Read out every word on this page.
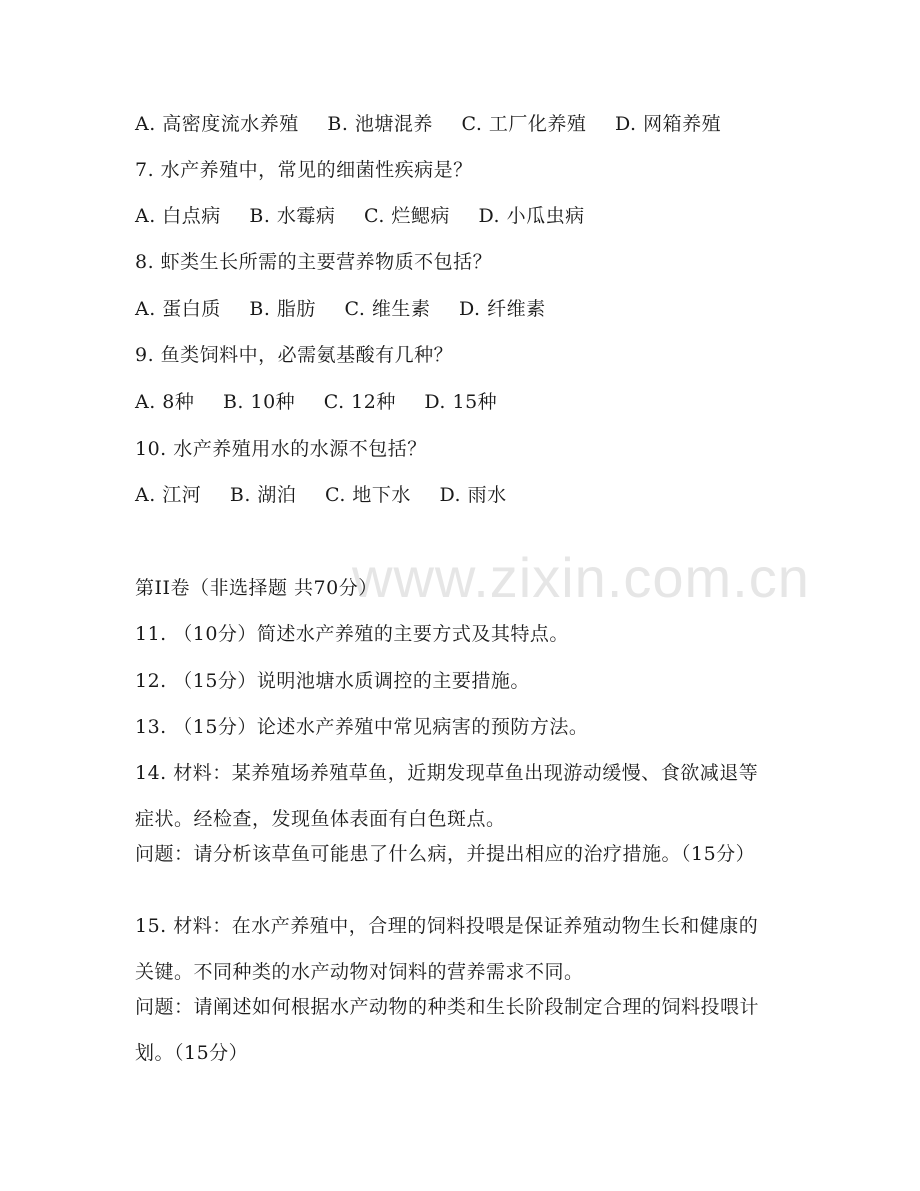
www.zixin.com.cn
A. 高密度流水养殖 B. 池塘混养 C. 工厂化养殖 D. 网箱养殖
7. 水产养殖中，常见的细菌性疾病是？
A. 白点病 B. 水霉病 C. 烂鳃病 D. 小瓜虫病
8. 虾类生长所需的主要营养物质不包括？
A. 蛋白质 B. 脂肪 C. 维生素 D. 纤维素
9. 鱼类饲料中，必需氨基酸有几种？
A. 8种 B. 10种 C. 12种 D. 15种
10. 水产养殖用水的水源不包括？
A. 江河 B. 湖泊 C. 地下水 D. 雨水
第II卷（非选择题 共70分）
11. （10分）简述水产养殖的主要方式及其特点。
12. （15分）说明池塘水质调控的主要措施。
13. （15分）论述水产养殖中常见病害的预防方法。
14. 材料：某养殖场养殖草鱼，近期发现草鱼出现游动缓慢、食欲减退等症状。经检查，发现鱼体表面有白色斑点。
问题：请分析该草鱼可能患了什么病，并提出相应的治疗措施。（15分）
15. 材料：在水产养殖中，合理的饲料投喂是保证养殖动物生长和健康的关键。不同种类的水产动物对饲料的营养需求不同。
问题：请阐述如何根据水产动物的种类和生长阶段制定合理的饲料投喂计划。（15分）
